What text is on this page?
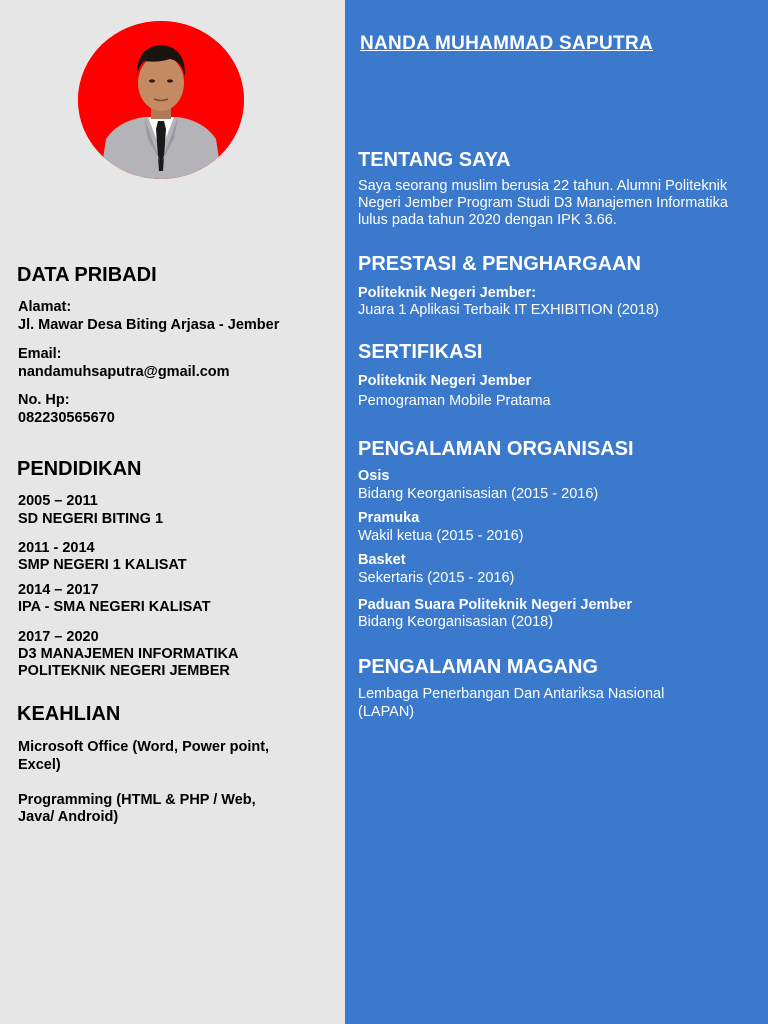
DATA PRIBADI
Alamat:
Jl. Mawar Desa Biting Arjasa - Jember
Email:
nandamuhsaputra@gmail.com
No. Hp:
082230565670
PENDIDIKAN
2005 – 2011
SD NEGERI BITING 1
2011 - 2014
SMP NEGERI 1 KALISAT
2014 – 2017
IPA - SMA NEGERI KALISAT
2017 – 2020
D3 MANAJEMEN INFORMATIKA
POLITEKNIK NEGERI JEMBER
KEAHLIAN
Microsoft Office (Word, Power point,
Excel)
Programming (HTML & PHP / Web,
Java/ Android)
NANDA MUHAMMAD SAPUTRA
TENTANG SAYA
Saya seorang muslim berusia 22 tahun. Alumni Politeknik
Negeri Jember Program Studi D3 Manajemen Informatika
lulus pada tahun 2020 dengan IPK 3.66.
PRESTASI & PENGHARGAAN
Politeknik Negeri Jember:
Juara 1 Aplikasi Terbaik IT EXHIBITION (2018)
SERTIFIKASI
Politeknik Negeri Jember
Pemograman Mobile Pratama
PENGALAMAN ORGANISASI
Osis
Bidang Keorganisasian (2015 - 2016)
Pramuka
Wakil ketua (2015 - 2016)
Basket
Sekertaris (2015 - 2016)
Paduan Suara Politeknik Negeri Jember
Bidang Keorganisasian (2018)
PENGALAMAN MAGANG
Lembaga Penerbangan Dan Antariksa Nasional
(LAPAN)
